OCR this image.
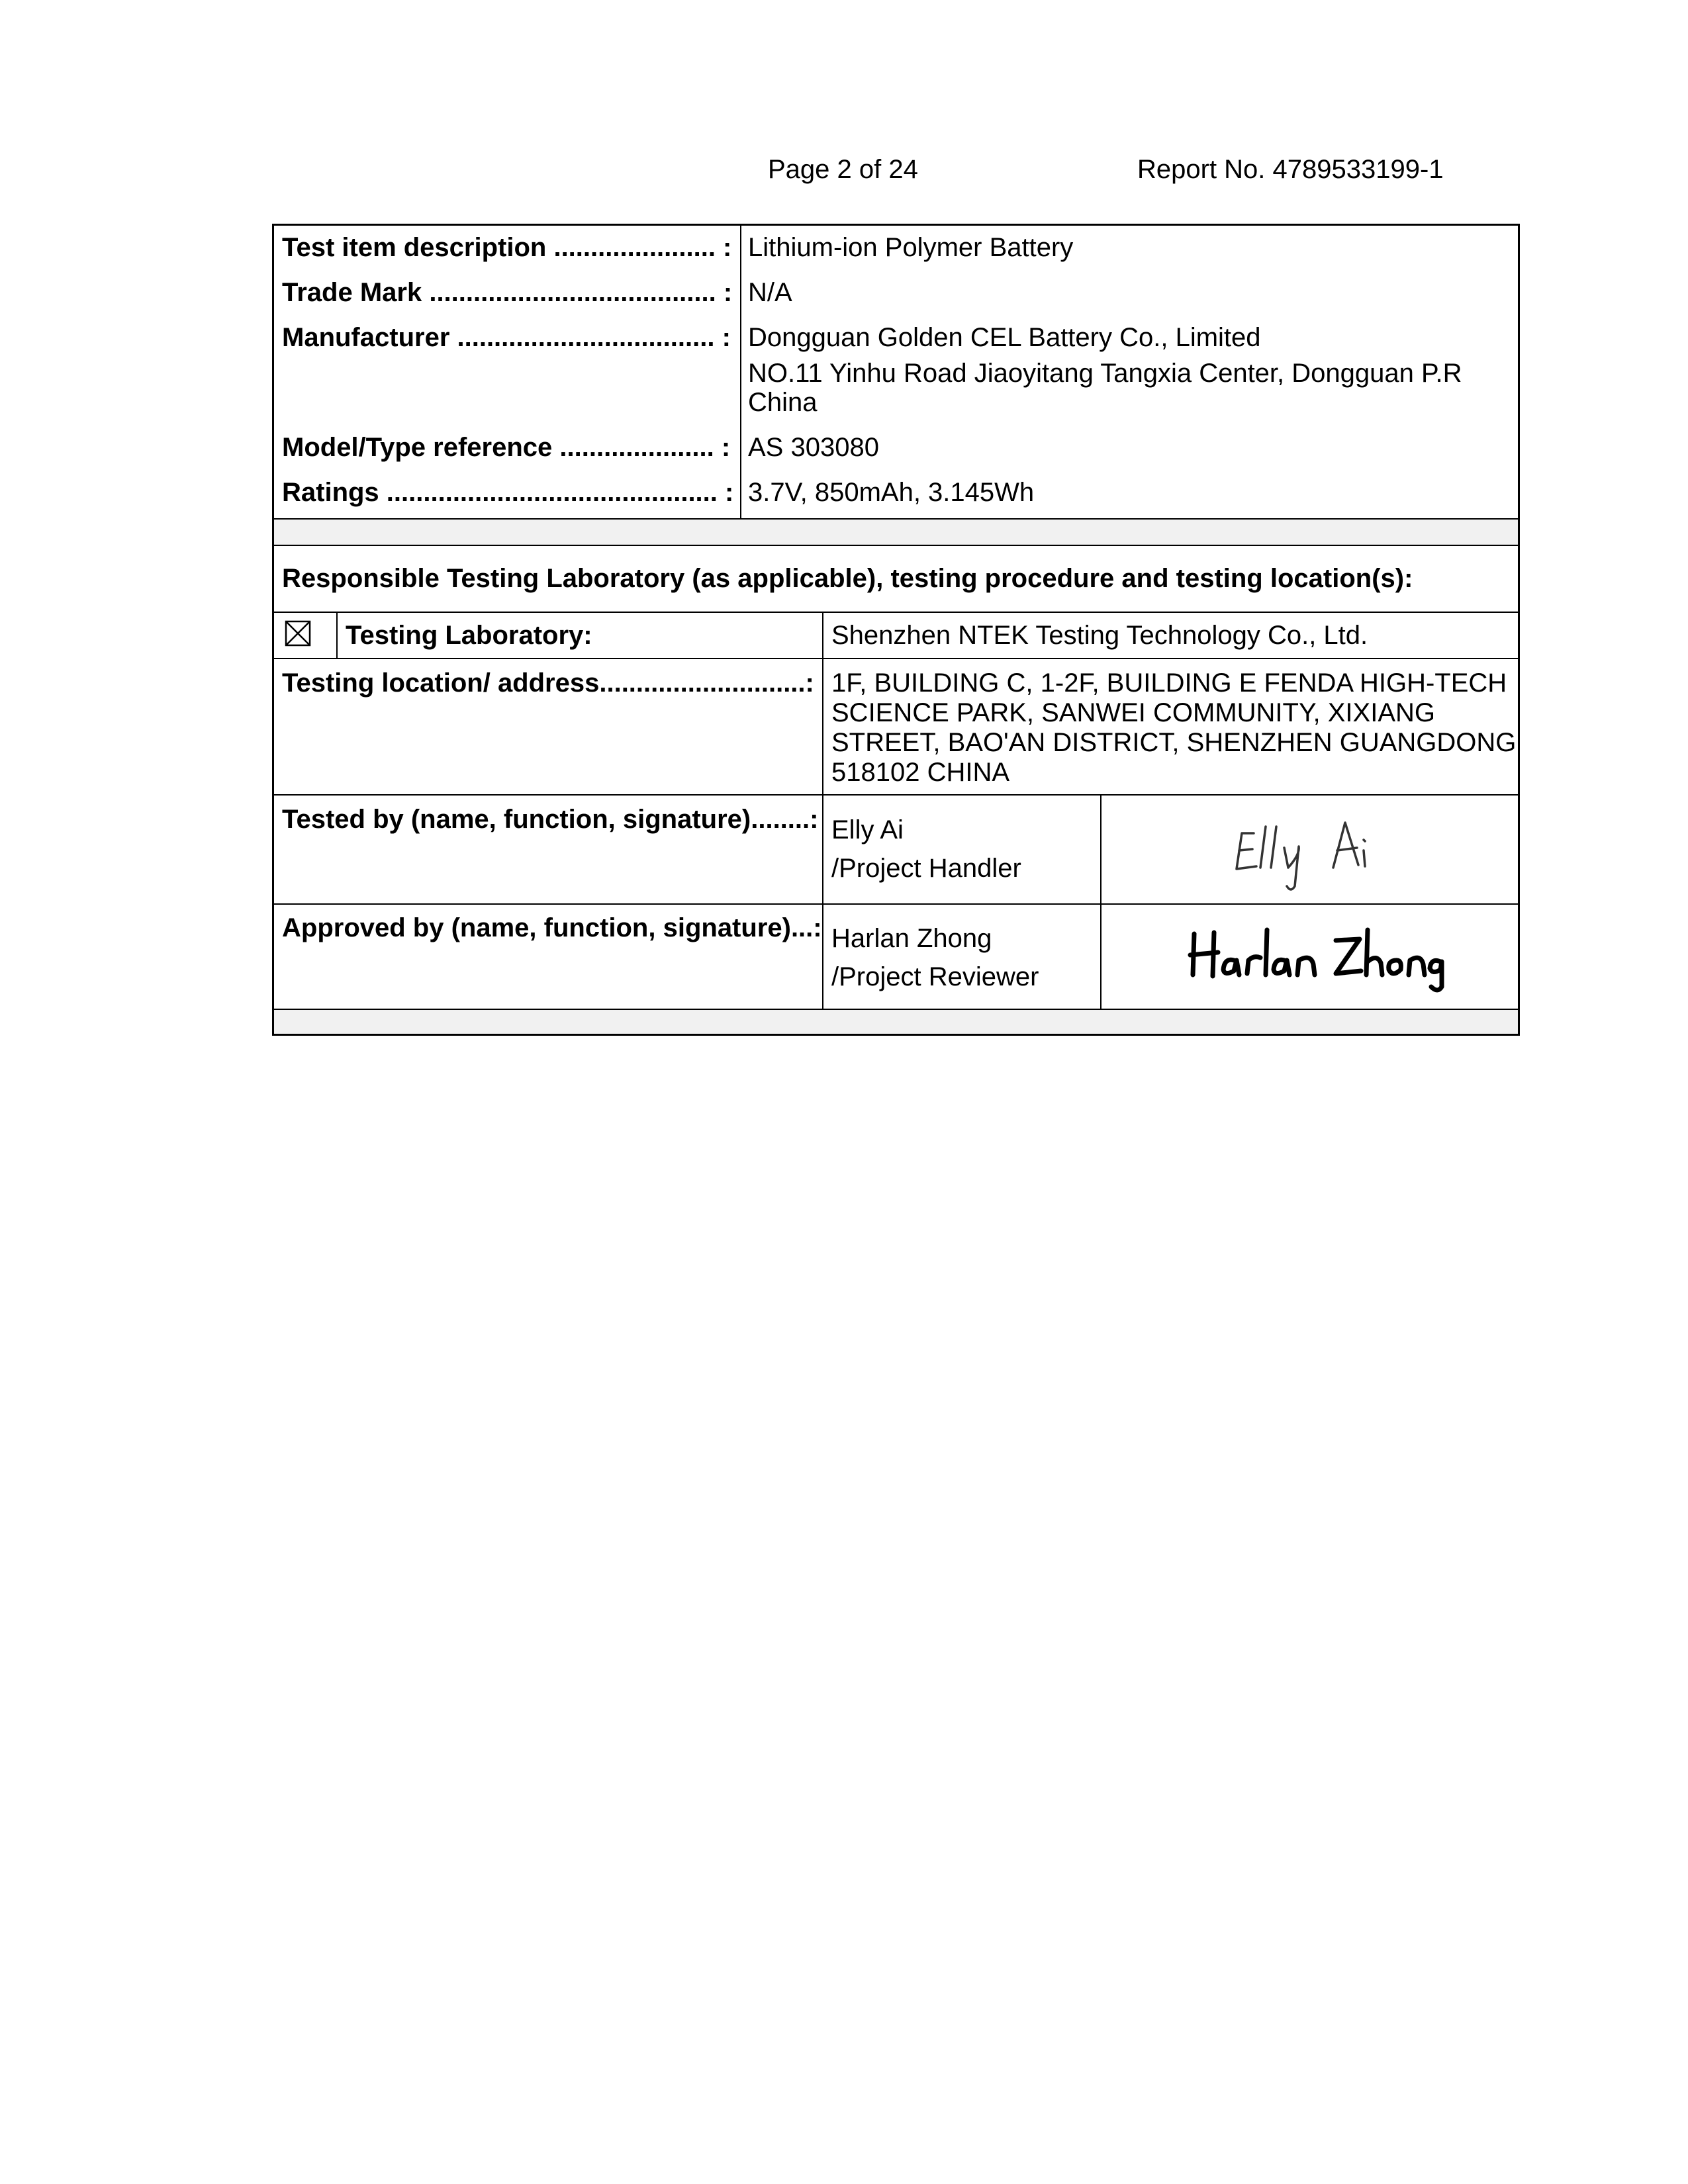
Page 2 of 24	Report No. 4789533199-1
Test item description ...................... : Lithium-ion Polymer Battery
Trade Mark ....................................... : N/A
Manufacturer ................................... : Dongguan Golden CEL Battery Co., Limited
NO.11 Yinhu Road Jiaoyitang Tangxia Center, Dongguan P.R
China
Model/Type reference ..................... : AS 303080
Ratings ............................................. : 3.7V, 850mAh, 3.145Wh
Responsible Testing Laboratory (as applicable), testing procedure and testing location(s):
Testing Laboratory:	Shenzhen NTEK Testing Technology Co., Ltd.
Testing location/ address............................: 1F, BUILDING C, 1-2F, BUILDING E FENDA HIGH-TECH
SCIENCE PARK, SANWEI COMMUNITY, XIXIANG
STREET, BAO'AN DISTRICT, SHENZHEN GUANGDONG
518102 CHINA
Tested by (name, function, signature)........: Elly Ai
/Project Handler
Approved by (name, function, signature)...: Harlan Zhong
/Project Reviewer
